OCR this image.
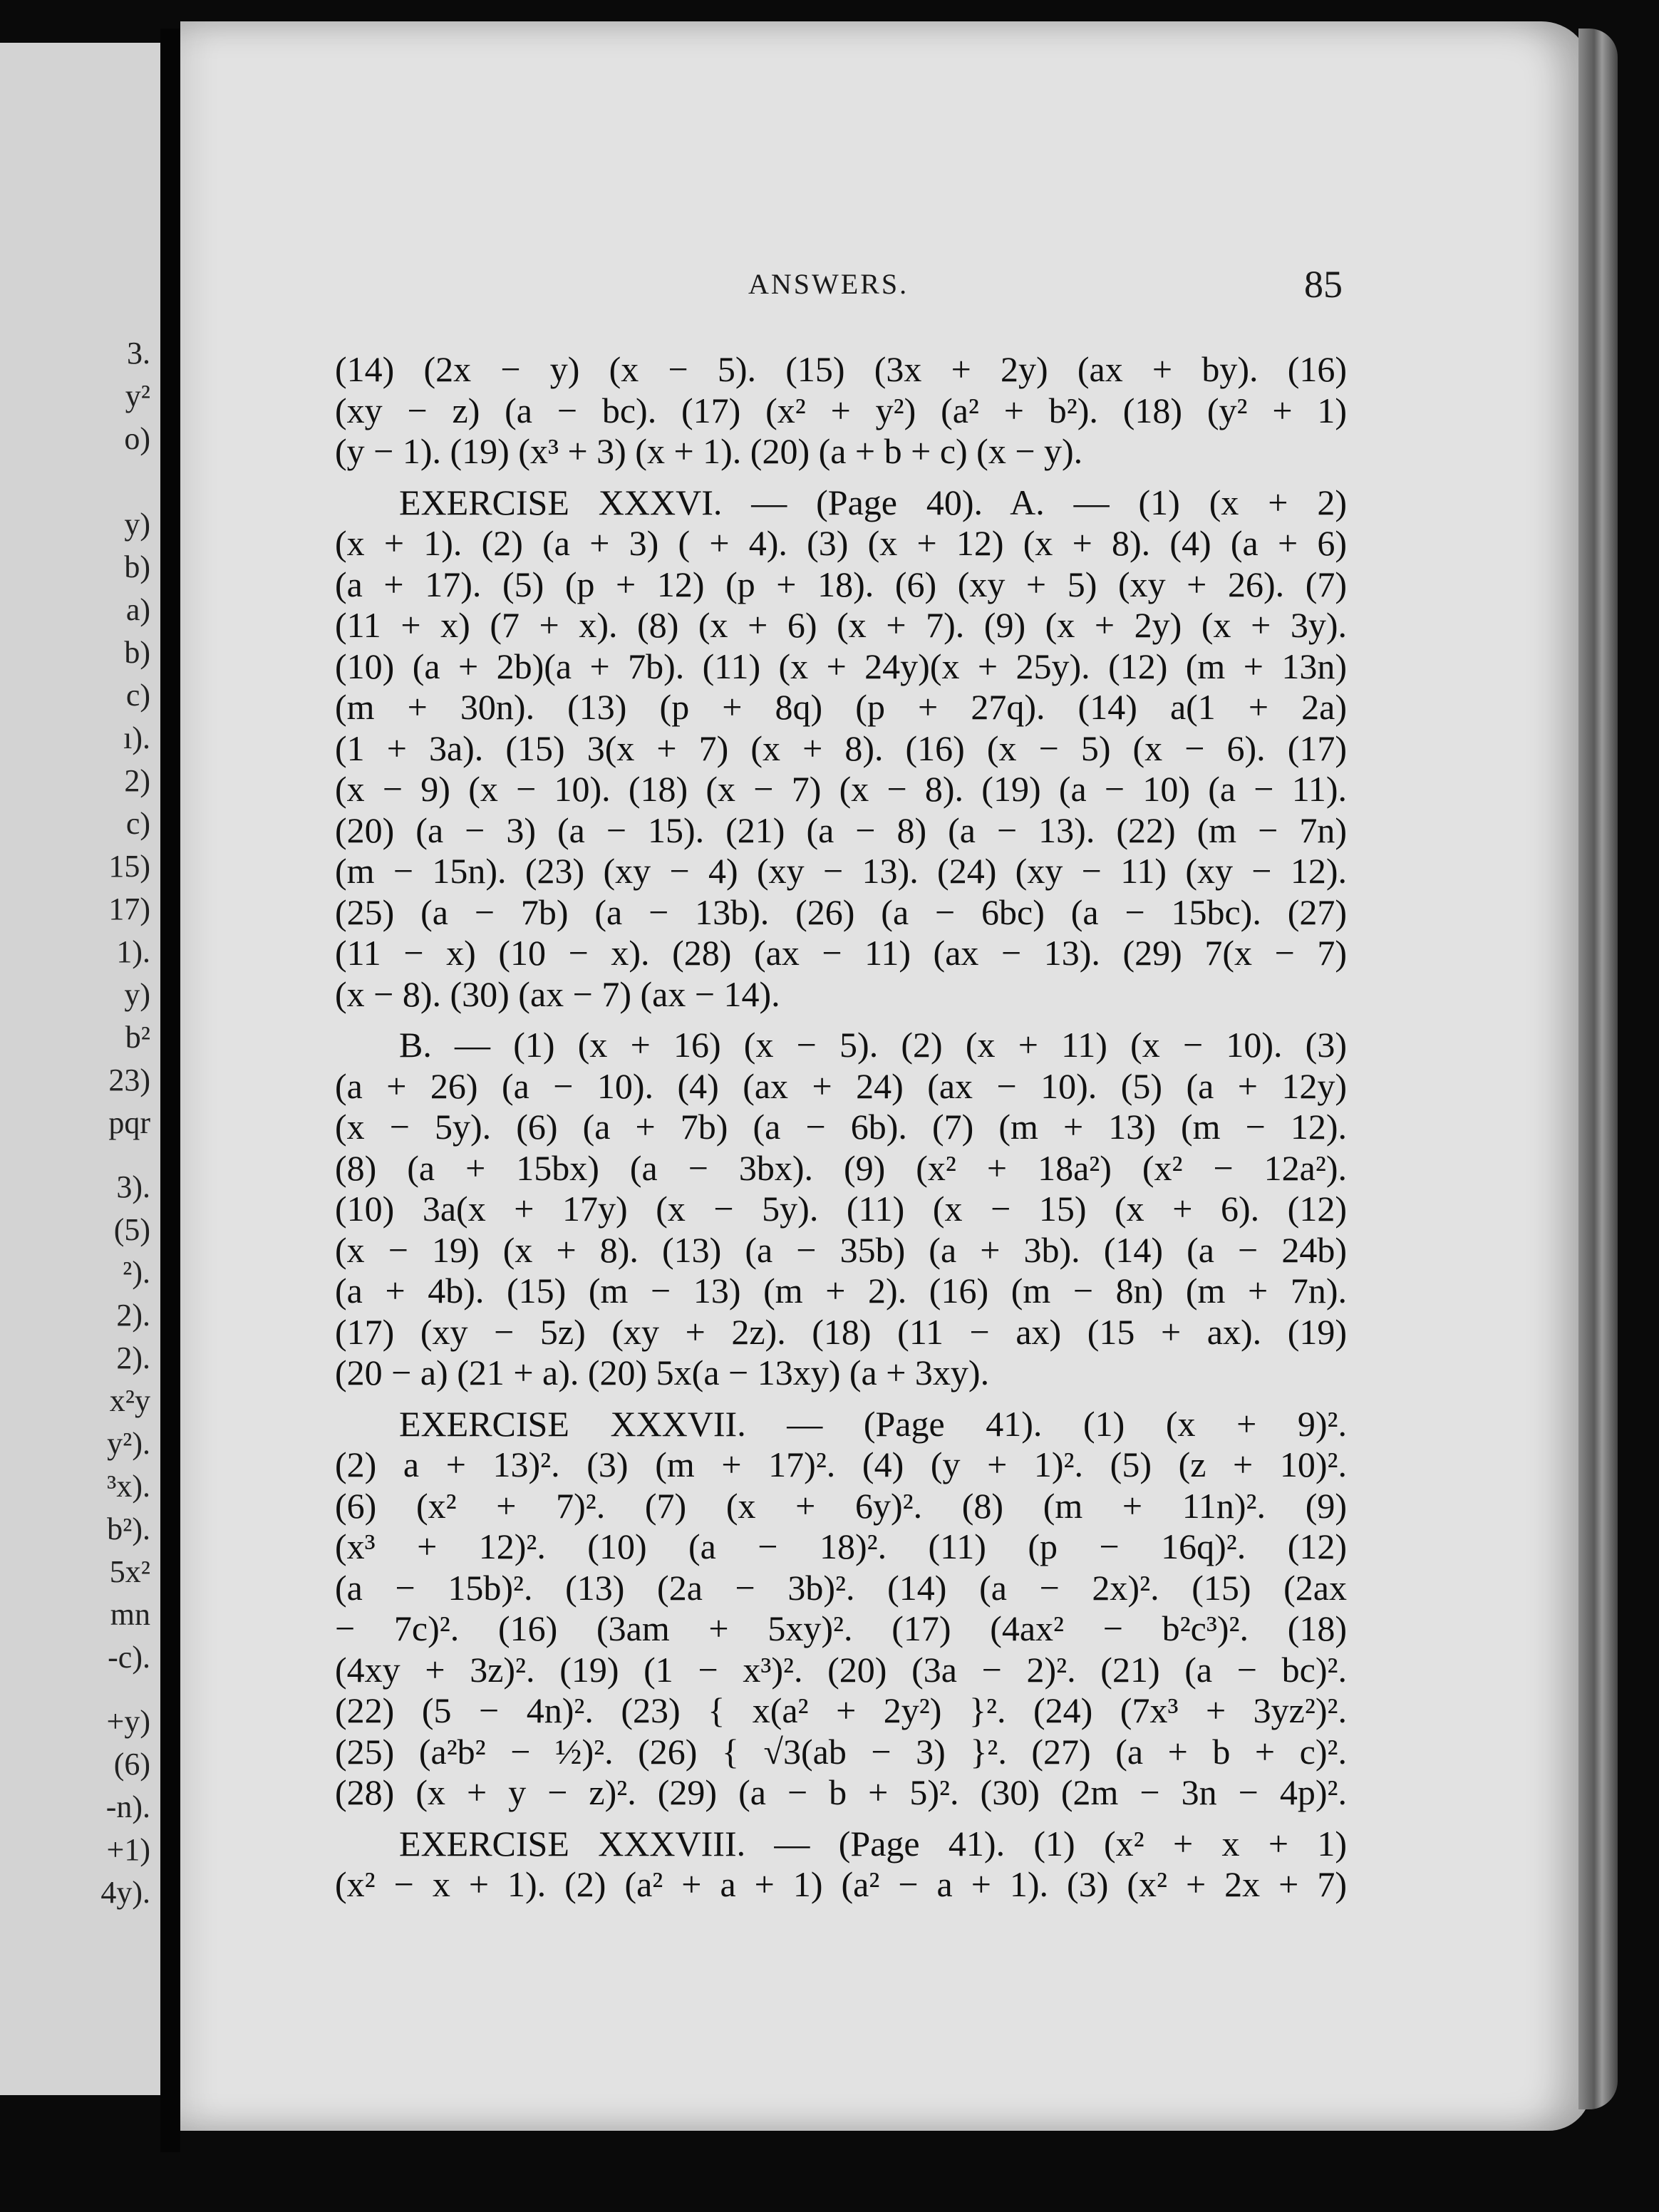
3.
y²
o)
y)
b)
a)
b)
c)
ı).
2)
c)
15)
17)
1).
y)
b²
23)
pqr
3).
(5)
²).
2).
2).
x²y
y²).
³x).
b²).
5x²
mn
-c).
+y)
(6)
-n).
+1)
4y).
ANSWERS.	85
(14) (2x − y) (x − 5). (15) (3x + 2y) (ax + by). (16)
(xy − z) (a − bc). (17) (x² + y²) (a² + b²). (18) (y² + 1)
(y − 1). (19) (x³ + 3) (x + 1). (20) (a + b + c) (x − y).
EXERCISE XXXVI. — (Page 40). A. — (1) (x + 2)
(x + 1). (2) (a + 3) ( + 4). (3) (x + 12) (x + 8). (4) (a + 6)
(a + 17). (5) (p + 12) (p + 18). (6) (xy + 5) (xy + 26). (7)
(11 + x) (7 + x). (8) (x + 6) (x + 7). (9) (x + 2y) (x + 3y).
(10) (a + 2b)(a + 7b). (11) (x + 24y)(x + 25y). (12) (m + 13n)
(m + 30n). (13) (p + 8q) (p + 27q). (14) a(1 + 2a)
(1 + 3a). (15) 3(x + 7) (x + 8). (16) (x − 5) (x − 6). (17)
(x − 9) (x − 10). (18) (x − 7) (x − 8). (19) (a − 10) (a − 11).
(20) (a − 3) (a − 15). (21) (a − 8) (a − 13). (22) (m − 7n)
(m − 15n). (23) (xy − 4) (xy − 13). (24) (xy − 11) (xy − 12).
(25) (a − 7b) (a − 13b). (26) (a − 6bc) (a − 15bc). (27)
(11 − x) (10 − x). (28) (ax − 11) (ax − 13). (29) 7(x − 7)
(x − 8). (30) (ax − 7) (ax − 14).
B. — (1) (x + 16) (x − 5). (2) (x + 11) (x − 10). (3)
(a + 26) (a − 10). (4) (ax + 24) (ax − 10). (5) (a + 12y)
(x − 5y). (6) (a + 7b) (a − 6b). (7) (m + 13) (m − 12).
(8) (a + 15bx) (a − 3bx). (9) (x² + 18a²) (x² − 12a²).
(10) 3a(x + 17y) (x − 5y). (11) (x − 15) (x + 6). (12)
(x − 19) (x + 8). (13) (a − 35b) (a + 3b). (14) (a − 24b)
(a + 4b). (15) (m − 13) (m + 2). (16) (m − 8n) (m + 7n).
(17) (xy − 5z) (xy + 2z). (18) (11 − ax) (15 + ax). (19)
(20 − a) (21 + a). (20) 5x(a − 13xy) (a + 3xy).
EXERCISE XXXVII. — (Page 41). (1) (x + 9)².
(2) a + 13)². (3) (m + 17)². (4) (y + 1)². (5) (z + 10)².
(6) (x² + 7)². (7) (x + 6y)². (8) (m + 11n)². (9)
(x³ + 12)². (10) (a − 18)². (11) (p − 16q)². (12)
(a − 15b)². (13) (2a − 3b)². (14) (a − 2x)². (15) (2ax
− 7c)². (16) (3am + 5xy)². (17) (4ax² − b²c³)². (18)
(4xy + 3z)². (19) (1 − x³)². (20) (3a − 2)². (21) (a − bc)².
(22) (5 − 4n)². (23) { x(a² + 2y²) }². (24) (7x³ + 3yz²)².
(25) (a²b² − ½)². (26) { √3(ab − 3) }². (27) (a + b + c)².
(28) (x + y − z)². (29) (a − b + 5)². (30) (2m − 3n − 4p)².
EXERCISE XXXVIII. — (Page 41). (1) (x² + x + 1)
(x² − x + 1). (2) (a² + a + 1) (a² − a + 1). (3) (x² + 2x + 7)
